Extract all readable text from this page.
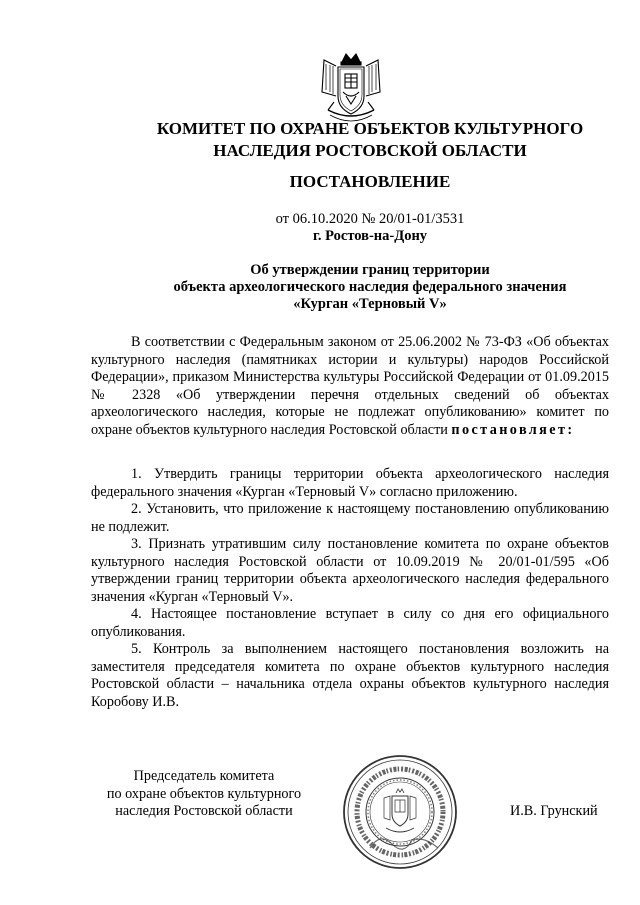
КОМИТЕТ ПО ОХРАНЕ ОБЪЕКТОВ КУЛЬТУРНОГО
НАСЛЕДИЯ РОСТОВСКОЙ ОБЛАСТИ
ПОСТАНОВЛЕНИЕ
от 06.10.2020 № 20/01-01/3531
г. Ростов-на-Дону
Об утверждении границ территории
объекта археологического наследия федерального значения
«Курган «Терновый V»
В соответствии с Федеральным законом от 25.06.2002 № 73-ФЗ «Об объектах культурного наследия (памятниках истории и культуры) народов Российской Федерации», приказом Министерства культуры Российской Федерации от 01.09.2015 № 2328 «Об утверждении перечня отдельных сведений об объектах археологического наследия, которые не подлежат опубликованию» комитет по охране объектов культурного наследия Ростовской области постановляет:

1. Утвердить границы территории объекта археологического наследия федерального значения «Курган «Терновый V» согласно приложению.

2. Установить, что приложение к настоящему постановлению опубликованию не подлежит.

3. Признать утратившим силу постановление комитета по охране объектов культурного наследия Ростовской области от 10.09.2019 № 20/01-01/595 «Об утверждении границ территории объекта археологического наследия федерального значения «Курган «Терновый V».

4. Настоящее постановление вступает в силу со дня его официального опубликования.

5. Контроль за выполнением настоящего постановления возложить на заместителя председателя комитета по охране объектов культурного наследия Ростовской области – начальника отдела охраны объектов культурного наследия Коробову И.В.

Председатель комитета
по охране объектов культурного
наследия Ростовской области	И.В. Грунский
